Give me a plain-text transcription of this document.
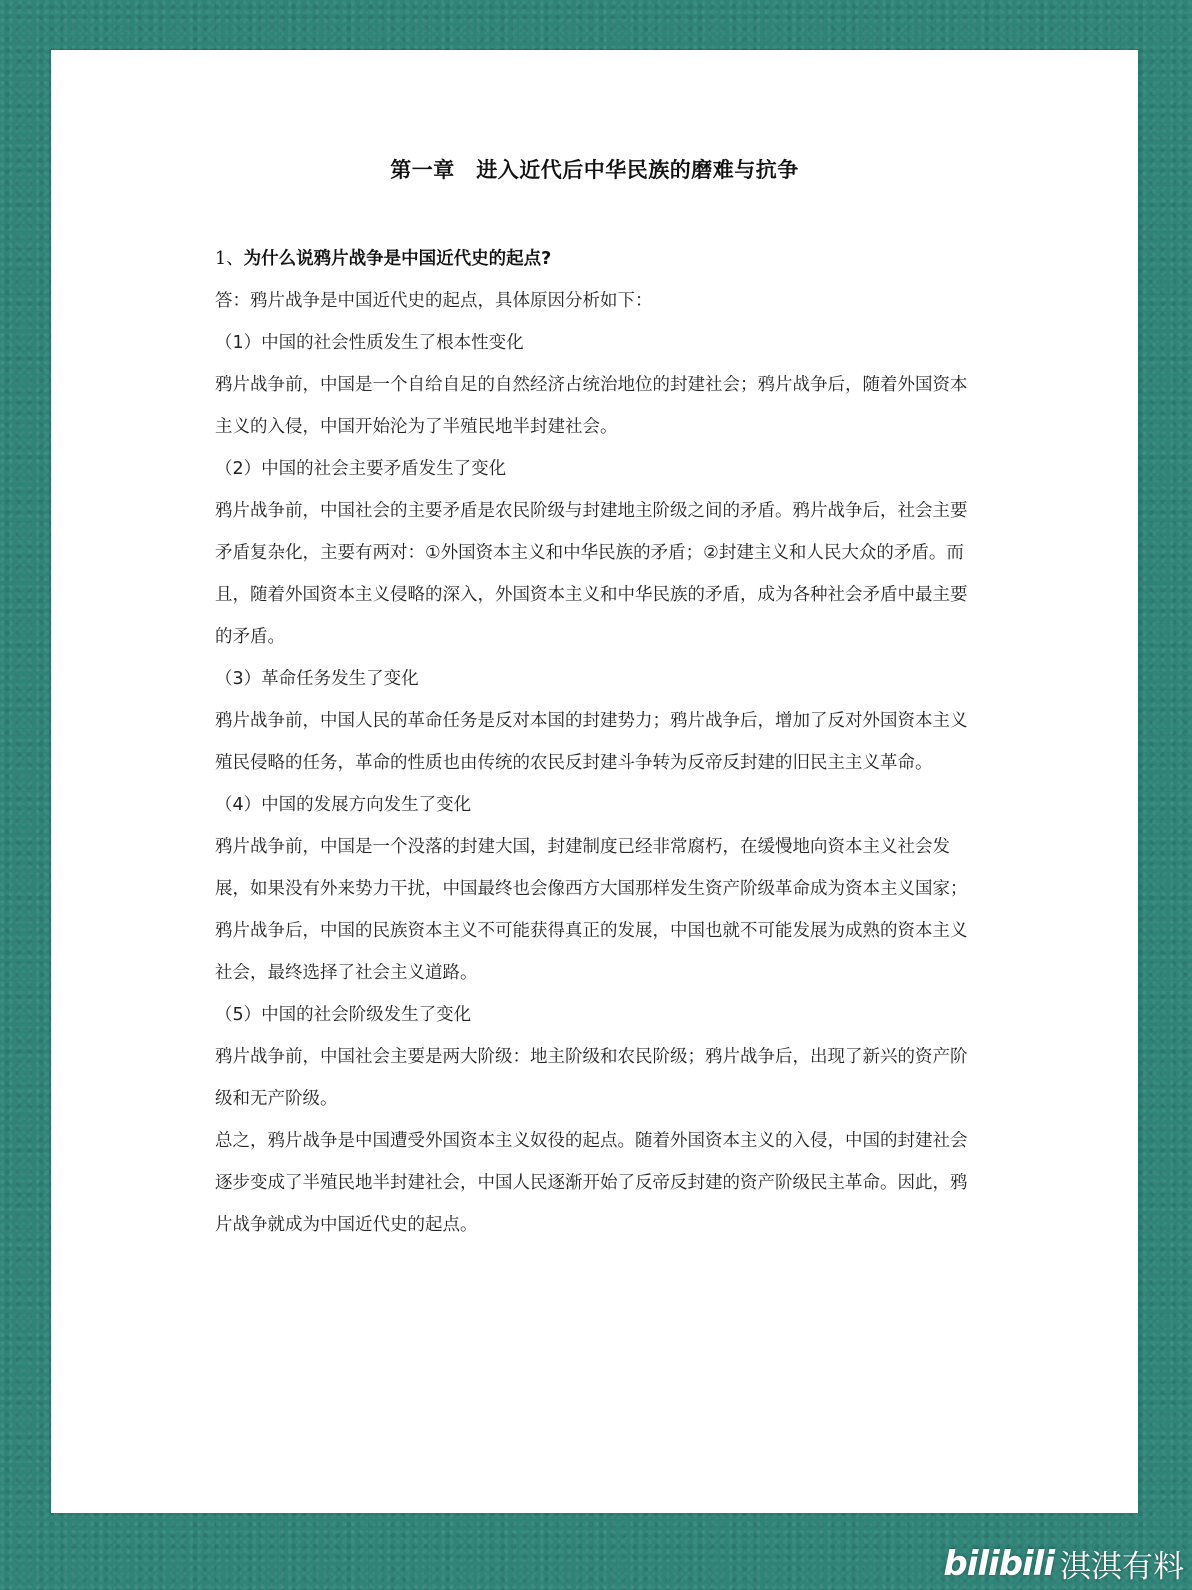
第一章　进入近代后中华民族的磨难与抗争

1、为什么说鸦片战争是中国近代史的起点?

答：鸦片战争是中国近代史的起点，具体原因分析如下：

（1）中国的社会性质发生了根本性变化

鸦片战争前，中国是一个自给自足的自然经济占统治地位的封建社会；鸦片战争后，随着外国资本主义的入侵，中国开始沦为了半殖民地半封建社会。

（2）中国的社会主要矛盾发生了变化

鸦片战争前，中国社会的主要矛盾是农民阶级与封建地主阶级之间的矛盾。鸦片战争后，社会主要矛盾复杂化，主要有两对：①外国资本主义和中华民族的矛盾；②封建主义和人民大众的矛盾。而且，随着外国资本主义侵略的深入，外国资本主义和中华民族的矛盾，成为各种社会矛盾中最主要的矛盾。

（3）革命任务发生了变化

鸦片战争前，中国人民的革命任务是反对本国的封建势力；鸦片战争后，增加了反对外国资本主义殖民侵略的任务，革命的性质也由传统的农民反封建斗争转为反帝反封建的旧民主主义革命。

（4）中国的发展方向发生了变化

鸦片战争前，中国是一个没落的封建大国，封建制度已经非常腐朽，在缓慢地向资本主义社会发展，如果没有外来势力干扰，中国最终也会像西方大国那样发生资产阶级革命成为资本主义国家；鸦片战争后，中国的民族资本主义不可能获得真正的发展，中国也就不可能发展为成熟的资本主义社会，最终选择了社会主义道路。

（5）中国的社会阶级发生了变化

鸦片战争前，中国社会主要是两大阶级：地主阶级和农民阶级；鸦片战争后，出现了新兴的资产阶级和无产阶级。

总之，鸦片战争是中国遭受外国资本主义奴役的起点。随着外国资本主义的入侵，中国的封建社会逐步变成了半殖民地半封建社会，中国人民逐渐开始了反帝反封建的资产阶级民主革命。因此，鸦片战争就成为中国近代史的起点。

bilibili 淇淇有料
